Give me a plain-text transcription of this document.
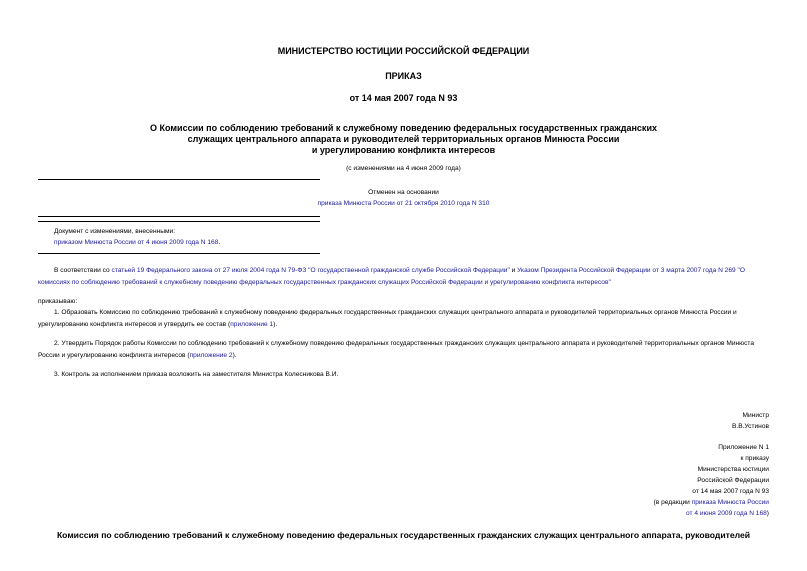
МИНИСТЕРСТВО ЮСТИЦИИ РОССИЙСКОЙ ФЕДЕРАЦИИ
ПРИКАЗ
от 14 мая 2007 года N 93
О Комиссии по соблюдению требований к служебному поведению федеральных государственных гражданских
служащих центрального аппарата и руководителей территориальных органов Минюста России
и урегулированию конфликта интересов
(с изменениями на 4 июня 2009 года)
Отменен на основании
приказа Минюста России от 21 октября 2010 года N 310
Документ с изменениями, внесенными:
приказом Минюста России от 4 июня 2009 года N 168.
В соответствии со статьей 19 Федерального закона от 27 июля 2004 года N 79-ФЗ "О государственной гражданской службе Российской Федерации" и Указом Президента Российской Федерации от 3 марта 2007 года N 269 "О комиссиях по соблюдению требований к служебному поведению федеральных государственных гражданских служащих Российской Федерации и урегулированию конфликта интересов"
приказываю:
1. Образовать Комиссию по соблюдению требований к служебному поведению федеральных государственных гражданских служащих центрального аппарата и руководителей территориальных органов Минюста России и урегулированию конфликта интересов и утвердить ее состав (приложение 1).
2. Утвердить Порядок работы Комиссии по соблюдению требований к служебному поведению федеральных государственных гражданских служащих центрального аппарата и руководителей территориальных органов Минюста России и урегулированию конфликта интересов (приложение 2).
3. Контроль за исполнением приказа возложить на заместителя Министра Колесникова В.И.
Министр
В.В.Устинов
Приложение N 1
к приказу
Министерства юстиции
Российской Федерации
от 14 мая 2007 года N 93
(в редакции приказа Минюста России
от 4 июня 2009 года N 168)
Комиссия по соблюдению требований к служебному поведению федеральных государственных гражданских служащих центрального аппарата, руководителей
